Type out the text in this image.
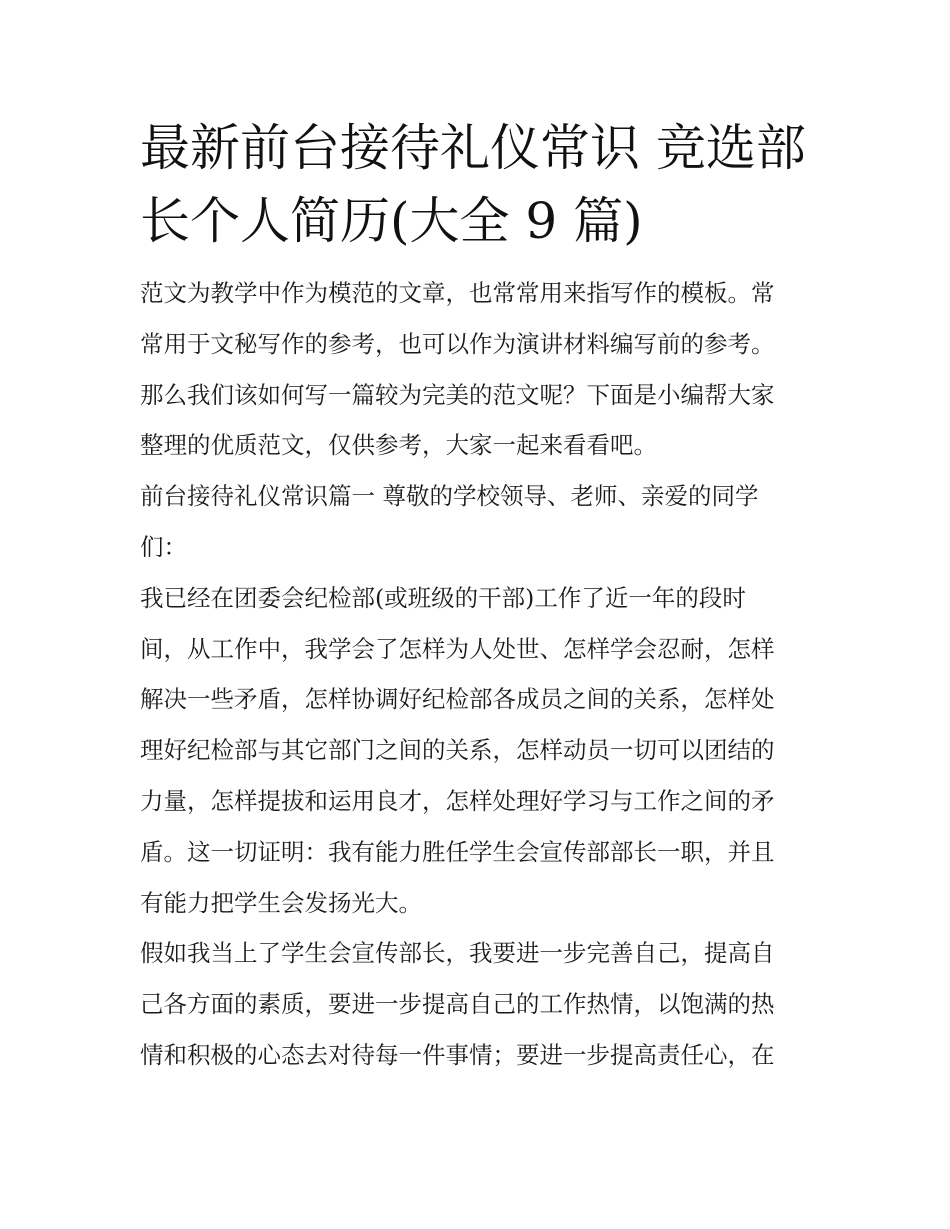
最新前台接待礼仪常识 竞选部
长个人简历(大全 9 篇)

范文为教学中作为模范的文章，也常常用来指写作的模板。常
常用于文秘写作的参考，也可以作为演讲材料编写前的参考。
那么我们该如何写一篇较为完美的范文呢？下面是小编帮大家
整理的优质范文，仅供参考，大家一起来看看吧。

前台接待礼仪常识篇一 尊敬的学校领导、老师、亲爱的同学
们：

我已经在团委会纪检部(或班级的干部)工作了近一年的段时
间，从工作中，我学会了怎样为人处世、怎样学会忍耐，怎样
解决一些矛盾，怎样协调好纪检部各成员之间的关系，怎样处
理好纪检部与其它部门之间的关系，怎样动员一切可以团结的
力量，怎样提拔和运用良才，怎样处理好学习与工作之间的矛
盾。这一切证明：我有能力胜任学生会宣传部部长一职，并且
有能力把学生会发扬光大。

假如我当上了学生会宣传部长，我要进一步完善自己，提高自
己各方面的素质，要进一步提高自己的工作热情，以饱满的热
情和积极的心态去对待每一件事情；要进一步提高责任心，在
